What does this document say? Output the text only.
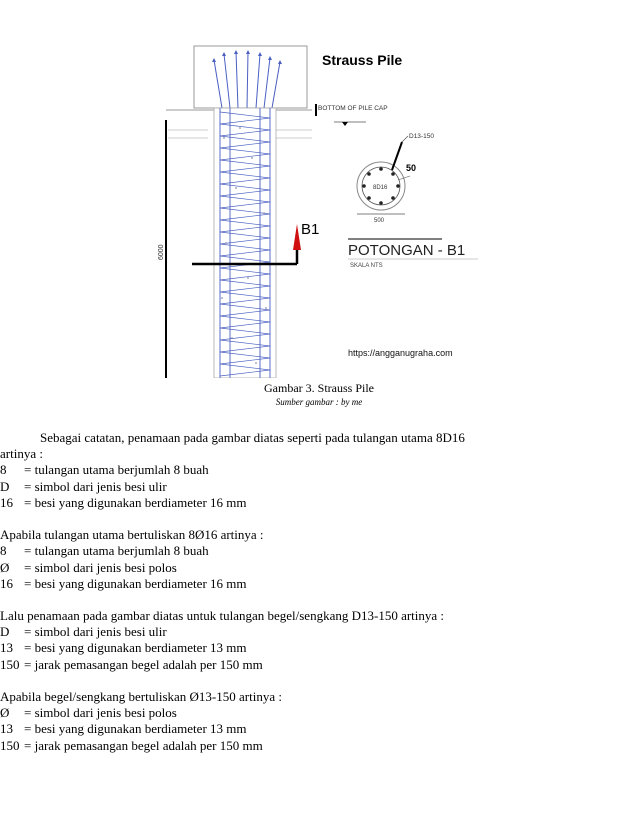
6000
B1
Strauss Pile
BOTTOM OF PILE CAP
8D16
D13-150
50
500
POTONGAN - B1
SKALA NTS
https://angganugraha.com
Gambar 3. Strauss Pile
Sumber gambar : by me
Sebagai catatan, penamaan pada gambar diatas seperti pada tulangan utama 8D16
artinya :
8	= tulangan utama berjumlah 8 buah
D	= simbol dari jenis besi ulir
16 = besi yang digunakan berdiameter 16 mm
Apabila tulangan utama bertuliskan 8Ø16 artinya :
8	= tulangan utama berjumlah 8 buah
Ø	= simbol dari jenis besi polos
16 = besi yang digunakan berdiameter 16 mm
Lalu penamaan pada gambar diatas untuk tulangan begel/sengkang D13-150 artinya :
D	= simbol dari jenis besi ulir
13 = besi yang digunakan berdiameter 13 mm
150 = jarak pemasangan begel adalah per 150 mm
Apabila begel/sengkang bertuliskan Ø13-150 artinya :
Ø	= simbol dari jenis besi polos
13 = besi yang digunakan berdiameter 13 mm
150 = jarak pemasangan begel adalah per 150 mm
